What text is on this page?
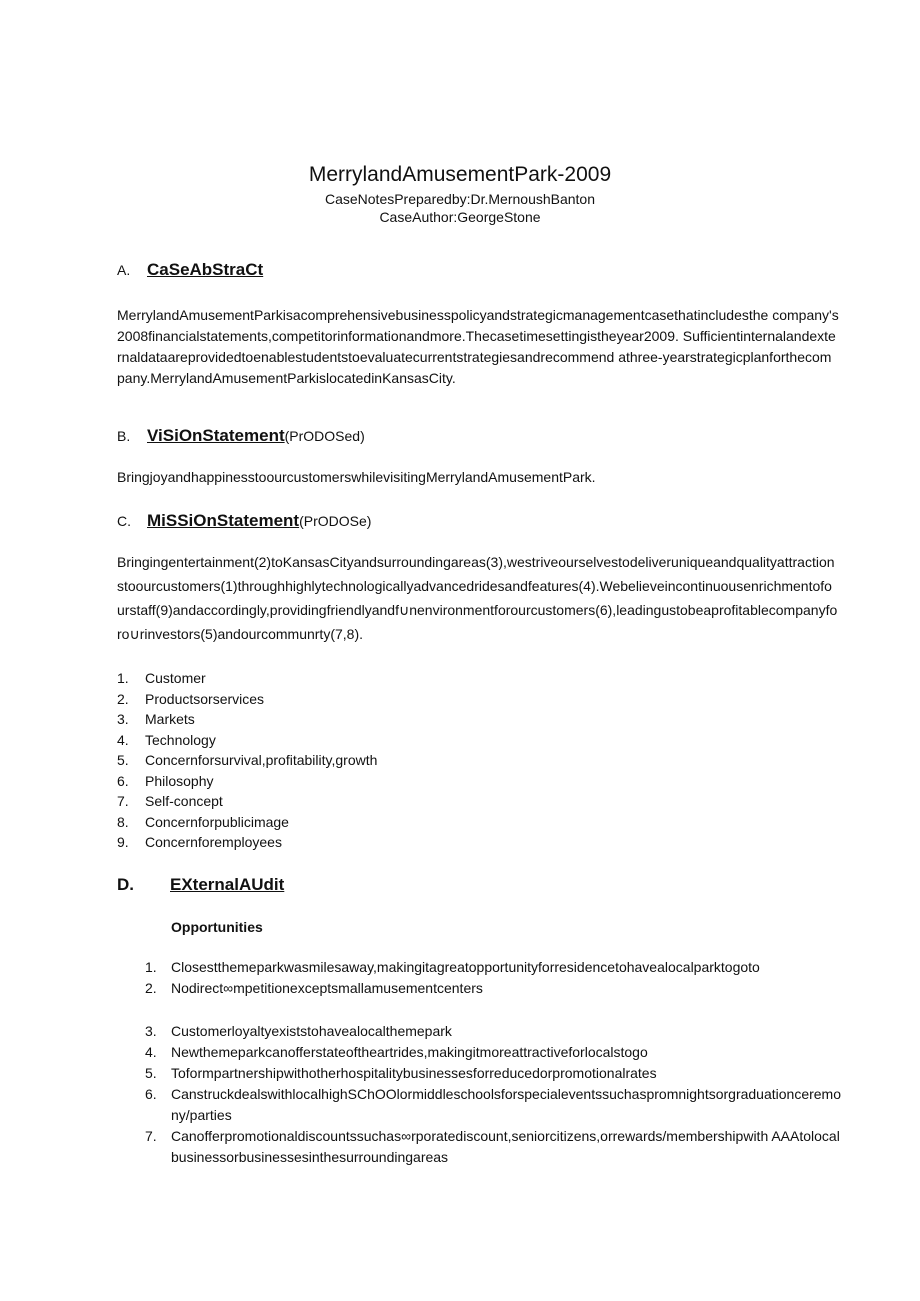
MerrylandAmusementPark-2009
CaseNotesPreparedby:Dr.MernoushBanton
CaseAuthor:GeorgeStone
A. CaSeAbStraCt
MerrylandAmusementParkisacomprehensivebusinesspolicyandstrategicmanagementcasethatincludesthe company's2008financialstatements,competitorinformationandmore.Thecasetimesettingistheyear2009. Sufficientinternalandexternaldataareprovidedtoenablestudentstoevaluatecurrentstrategiesandrecommend athree-yearstrategicplanforthecompany.MerrylandAmusementParkislocatedinKansasCity.
B. ViSiOnStatement(PrODOSed)
BringjoyandhappinesstoourcustomerswhilevisitingMerrylandAmusementPark.
C. MiSSiOnStatement(PrODOSe)
Bringingentertainment(2)toKansasCityandsurroundingareas(3),westriveourselvestodeliveruniqueandqualityattractionstoourcustomers(1)throughhighlytechnologicallyadvancedridesandfeatures(4).Webelieveincontinuousenrichmentofourstaff(9)andaccordingly,providingfriendlyandf∪nenvironmentforourcustomers(6),leadingustobeaprofitablecompanyforo∪rinvestors(5)andourcommunrty(7,8).
1. Customer
2. Productsorservices
3. Markets
4. Technology
5. Concernforsurvival,profitability,growth
6. Philosophy
7. Self-concept
8. Concernforpublicimage
9. Concernforemployees
D. EXternalAUdit
Opportunities
1. Closestthemeparkwasmilesaway,makingitagreatopportunityforresidencetohavealocalparktogoto
2. Nodirect∞mpetitionexceptsmallamusementcenters
3. Customerloyaltyexiststohavealocalthemepark
4. Newthemeparkcanofferstateoftheartrides,makingitmoreattractiveforlocalstogo
5. Toformpartnershipwithotherhospitalitybusinessesforreducedorpromotionalrates
6. CanstruckdealswithlocalhighSChOOlormiddleschoolsforspecialeventssuchaspromnightsorgraduationceremony/parties
7. Canofferpromotionaldiscountssuchas∞rporatediscount,seniorcitizens,orrewards/membershipwith AAAtolocalbusinessorbusinessesinthesurroundingareas
